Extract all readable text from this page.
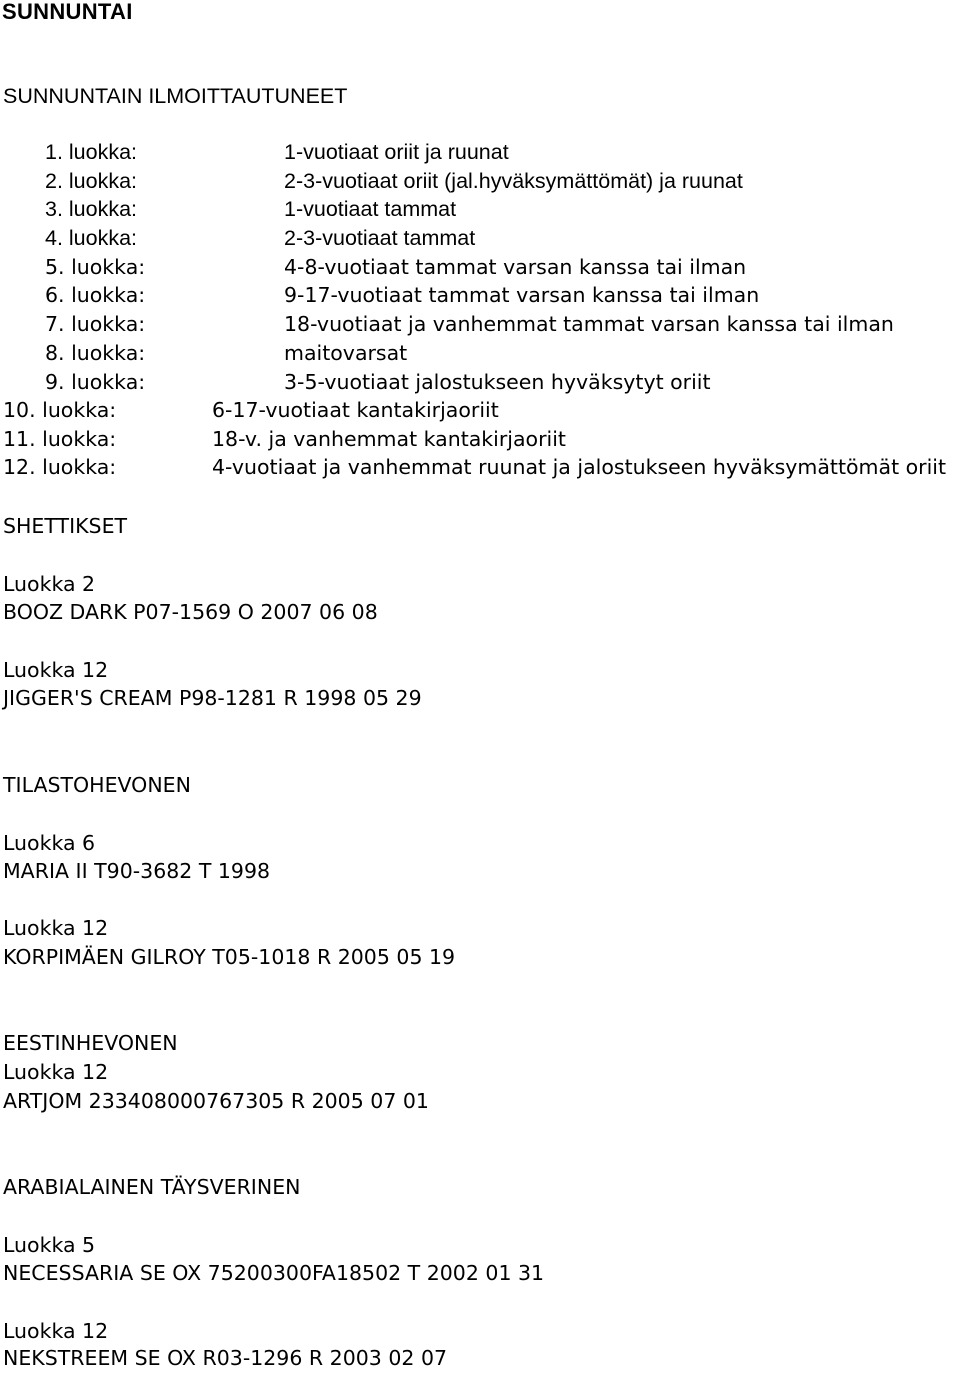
SUNNUNTAI
SUNNUNTAIN ILMOITTAUTUNEET
1. luokka:	1-vuotiaat oriit ja ruunat
2. luokka:	2-3-vuotiaat oriit (jal.hyväksymättömät) ja ruunat
3. luokka:	1-vuotiaat tammat
4. luokka:	2-3-vuotiaat tammat
5. luokka:	4-8-vuotiaat tammat varsan kanssa tai ilman
6. luokka:	9-17-vuotiaat tammat varsan kanssa tai ilman
7. luokka:	18-vuotiaat ja vanhemmat tammat varsan kanssa tai ilman
8. luokka:	maitovarsat
9. luokka:	3-5-vuotiaat jalostukseen hyväksytyt oriit
10. luokka:	6-17-vuotiaat kantakirjaoriit
11. luokka:	18-v. ja vanhemmat kantakirjaoriit
12. luokka:	4-vuotiaat ja vanhemmat ruunat ja jalostukseen hyväksymättömät oriit
SHETTIKSET
Luokka 2
BOOZ DARK P07-1569 O 2007 06 08
Luokka 12
JIGGER'S CREAM P98-1281 R 1998 05 29
TILASTOHEVONEN
Luokka 6
MARIA II T90-3682 T 1998
Luokka 12
KORPIMÄEN GILROY T05-1018 R 2005 05 19
EESTINHEVONEN
Luokka 12
ARTJOM 233408000767305 R 2005 07 01
ARABIALAINEN TÄYSVERINEN
Luokka 5
NECESSARIA SE OX 75200300FA18502 T 2002 01 31
Luokka 12
NEKSTREEM SE OX R03-1296 R 2003 02 07
